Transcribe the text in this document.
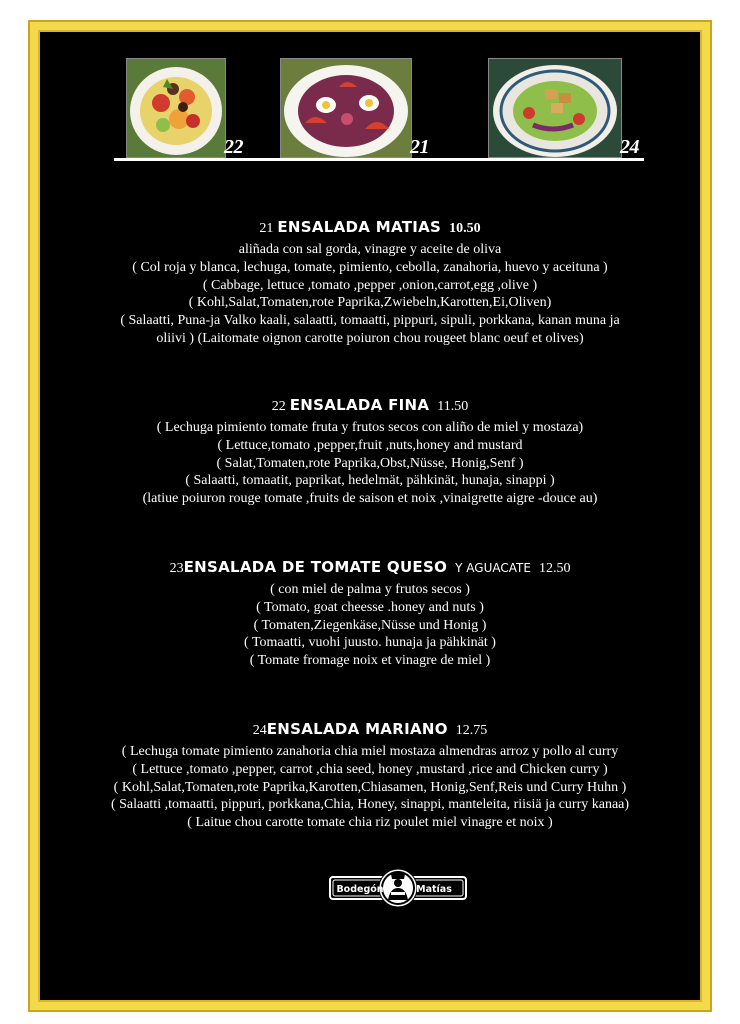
22	21	24
21 ENSALADA MATIAS 10.50
aliñada con sal gorda, vinagre y aceite de oliva
( Col roja y blanca, lechuga, tomate, pimiento, cebolla, zanahoria, huevo y aceituna )
( Cabbage, lettuce ,tomato ,pepper ,onion,carrot,egg ,olive )
( Kohl,Salat,Tomaten,rote Paprika,Zwiebeln,Karotten,Ei,Oliven)
( Salaatti, Puna-ja Valko kaali, salaatti, tomaatti, pippuri, sipuli, porkkana, kanan muna ja
oliivi ) (Laitomate oignon carotte poiuron chou rougeet blanc oeuf et olives)
22 ENSALADA FINA 11.50
( Lechuga pimiento tomate fruta y frutos secos con aliño de miel y mostaza)
( Lettuce,tomato ,pepper,fruit ,nuts,honey and mustard
( Salat,Tomaten,rote Paprika,Obst,Nüsse, Honig,Senf )
( Salaatti, tomaatit, paprikat, hedelmät, pähkinät, hunaja, sinappi )
(latiue poiuron rouge tomate ,fruits de saison et noix ,vinaigrette aigre -douce au)
23ENSALADA DE TOMATE QUESO Y AGUACATE 12.50
( con miel de palma y frutos secos )
( Tomato, goat cheesse .honey and nuts )
( Tomaten,Ziegenkäse,Nüsse und Honig )
( Tomaatti, vuohi juusto. hunaja ja pähkinät )
( Tomate fromage noix et vinagre de miel )
24ENSALADA MARIANO 12.75
( Lechuga tomate pimiento zanahoria chia miel mostaza almendras arroz y pollo al curry
( Lettuce ,tomato ,pepper, carrot ,chia seed, honey ,mustard ,rice and Chicken curry )
( Kohl,Salat,Tomaten,rote Paprika,Karotten,Chiasamen, Honig,Senf,Reis und Curry Huhn )
( Salaatti ,tomaatti, pippuri, porkkana,Chia, Honey, sinappi, manteleita, riisiä ja curry kanaa)
( Laitue chou carotte tomate chia riz poulet miel vinagre et noix )
Bodegón	Matías
